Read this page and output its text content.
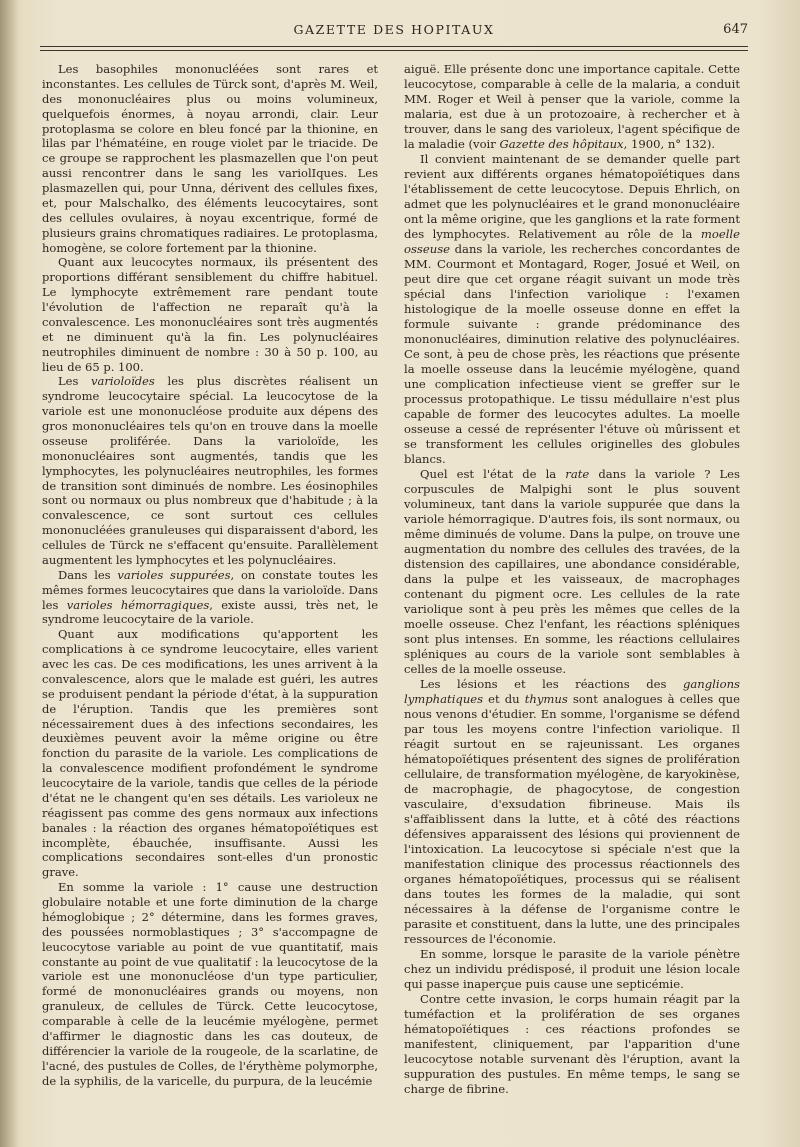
GAZETTE DES HOPITAUX	647

Les basophiles mononucléées sont rares et inconstantes. Les cellules de Türck sont, d'après M. Weil, des mononucléaires plus ou moins volumineux, quelquefois énormes, à noyau arrondi, clair. Leur protoplasma se colore en bleu foncé par la thionine, en lilas par l'hématéine, en rouge violet par le triacide. De ce groupe se rapprochent les plasmazellen que l'on peut aussi rencontrer dans le sang les variolIques. Les plasmazellen qui, pour Unna, dérivent des cellules fixes, et, pour Malschalko, des éléments leucocytaires, sont des cellules ovulaires, à noyau excentrique, formé de plusieurs grains chromatiques radiaires. Le protoplasma, homogène, se colore fortement par la thionine.

Quant aux leucocytes normaux, ils présentent des proportions différant sensiblement du chiffre habituel. Le lymphocyte extrêmement rare pendant toute l'évolution de l'affection ne reparaît qu'à la convalescence. Les mononucléaires sont très augmentés et ne diminuent qu'à la fin. Les polynucléaires neutrophiles diminuent de nombre : 30 à 50 p. 100, au lieu de 65 p. 100.

Les varioloïdes les plus discrètes réalisent un syndrome leucocytaire spécial. La leucocytose de la variole est une mononucléose produite aux dépens des gros mononucléaires tels qu'on en trouve dans la moelle osseuse proliférée. Dans la varioloïde, les mononucléaires sont augmentés, tandis que les lymphocytes, les polynucléaires neutrophiles, les formes de transition sont diminués de nombre. Les éosinophiles sont ou normaux ou plus nombreux que d'habitude ; à la convalescence, ce sont surtout ces cellules mononucléées granuleuses qui disparaissent d'abord, les cellules de Türck ne s'effacent qu'ensuite. Parallèlement augmentent les lymphocytes et les polynucléaires.

Dans les varioles suppurées, on constate toutes les mêmes formes leucocytaires que dans la varioloïde. Dans les varioles hémorragiques, existe aussi, très net, le syndrome leucocytaire de la variole.

Quant aux modifications qu'apportent les complications à ce syndrome leucocytaire, elles varient avec les cas. De ces modifications, les unes arrivent à la convalescence, alors que le malade est guéri, les autres se produisent pendant la période d'état, à la suppuration de l'éruption. Tandis que les premières sont nécessairement dues à des infections secondaires, les deuxièmes peuvent avoir la même origine ou être fonction du parasite de la variole. Les complications de la convalescence modifient profondément le syndrome leucocytaire de la variole, tandis que celles de la période d'état ne le changent qu'en ses détails. Les varioleux ne réagissent pas comme des gens normaux aux infections banales : la réaction des organes hématopoïétiques est incomplète, ébauchée, insuffisante. Aussi les complications secondaires sont-elles d'un pronostic grave.

En somme la variole : 1° cause une destruction globulaire notable et une forte diminution de la charge hémoglobique ; 2° détermine, dans les formes graves, des poussées normoblastiques ; 3° s'accompagne de leucocytose variable au point de vue quantitatif, mais constante au point de vue qualitatif : la leucocytose de la variole est une mononucléose d'un type particulier, formé de mononucléaires grands ou moyens, non granuleux, de cellules de Türck. Cette leucocytose, comparable à celle de la leucémie myélogène, permet d'affirmer le diagnostic dans les cas douteux, de différencier la variole de la rougeole, de la scarlatine, de l'acné, des pustules de Colles, de l'érythème polymorphe, de la syphilis, de la varicelle, du purpura, de la leucémie

aiguë. Elle présente donc une importance capitale. Cette leucocytose, comparable à celle de la malaria, a conduit MM. Roger et Weil à penser que la variole, comme la malaria, est due à un protozoaire, à rechercher et à trouver, dans le sang des varioleux, l'agent spécifique de la maladie (voir Gazette des hôpitaux, 1900, n° 132).

Il convient maintenant de se demander quelle part revient aux différents organes hématopoïétiques dans l'établissement de cette leucocytose. Depuis Ehrlich, on admet que les polynucléaires et le grand mononucléaire ont la même origine, que les ganglions et la rate forment des lymphocytes. Relativement au rôle de la moelle osseuse dans la variole, les recherches concordantes de MM. Courmont et Montagard, Roger, Josué et Weil, on peut dire que cet organe réagit suivant un mode très spécial dans l'infection variolique : l'examen histologique de la moelle osseuse donne en effet la formule suivante : grande prédominance des mononucléaires, diminution relative des polynucléaires. Ce sont, à peu de chose près, les réactions que présente la moelle osseuse dans la leucémie myélogène, quand une complication infectieuse vient se greffer sur le processus protopathique. Le tissu médullaire n'est plus capable de former des leucocytes adultes. La moelle osseuse a cessé de représenter l'étuve où mûrissent et se transforment les cellules originelles des globules blancs.

Quel est l'état de la rate dans la variole ? Les corpuscules de Malpighi sont le plus souvent volumineux, tant dans la variole suppurée que dans la variole hémorragique. D'autres fois, ils sont normaux, ou même diminués de volume. Dans la pulpe, on trouve une augmentation du nombre des cellules des travées, de la distension des capillaires, une abondance considérable, dans la pulpe et les vaisseaux, de macrophages contenant du pigment ocre. Les cellules de la rate variolique sont à peu près les mêmes que celles de la moelle osseuse. Chez l'enfant, les réactions spléniques sont plus intenses. En somme, les réactions cellulaires spléniques au cours de la variole sont semblables à celles de la moelle osseuse.

Les lésions et les réactions des ganglions lymphatiques et du thymus sont analogues à celles que nous venons d'étudier. En somme, l'organisme se défend par tous les moyens contre l'infection variolique. Il réagit surtout en se rajeunissant. Les organes hématopoïétiques présentent des signes de prolifération cellulaire, de transformation myélogène, de karyokinèse, de macrophagie, de phagocytose, de congestion vasculaire, d'exsudation fibrineuse. Mais ils s'affaiblissent dans la lutte, et à côté des réactions défensives apparaissent des lésions qui proviennent de l'intoxication. La leucocytose si spéciale n'est que la manifestation clinique des processus réactionnels des organes hématopoïétiques, processus qui se réalisent dans toutes les formes de la maladie, qui sont nécessaires à la défense de l'organisme contre le parasite et constituent, dans la lutte, une des principales ressources de l'économie.

En somme, lorsque le parasite de la variole pénètre chez un individu prédisposé, il produit une lésion locale qui passe inaperçue puis cause une septicémie.

Contre cette invasion, le corps humain réagit par la tuméfaction et la prolifération de ses organes hématopoïétiques : ces réactions profondes se manifestent, cliniquement, par l'apparition d'une leucocytose notable survenant dès l'éruption, avant la suppuration des pustules. En même temps, le sang se charge de fibrine.
